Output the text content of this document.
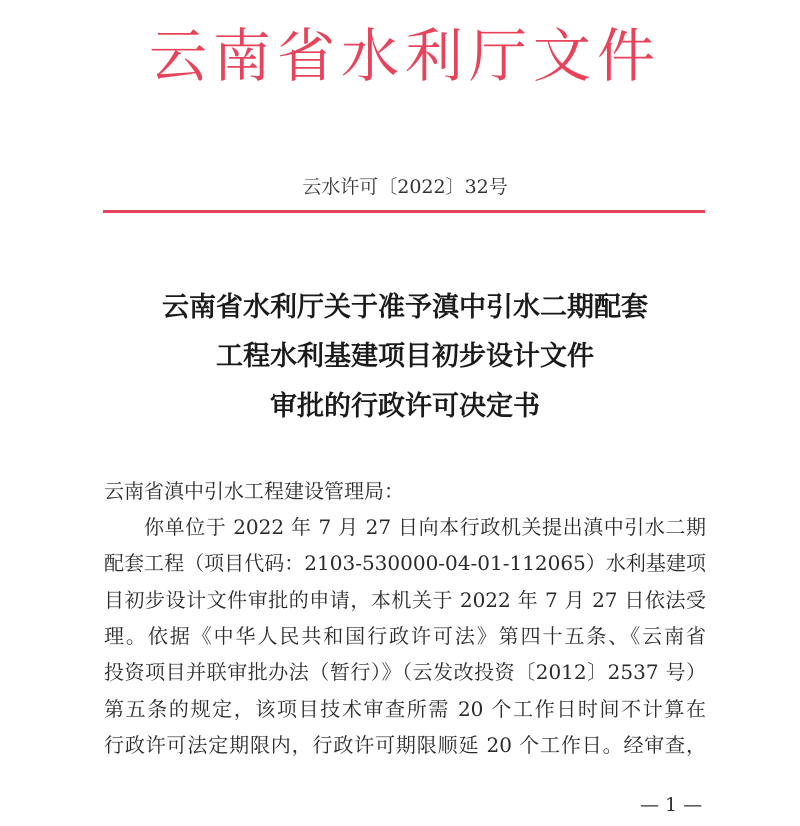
云南省水利厅文件
云水许可〔2022〕32号
云南省水利厅关于准予滇中引水二期配套
工程水利基建项目初步设计文件
审批的行政许可决定书
云南省滇中引水工程建设管理局：
你单位于 2022 年 7 月 27 日向本行政机关提出滇中引水二期
配套工程（项目代码：2103-530000-04-01-112065）水利基建项
目初步设计文件审批的申请，本机关于 2022 年 7 月 27 日依法受
理。依据《中华人民共和国行政许可法》第四十五条、《云南省
投资项目并联审批办法（暂行）》（云发改投资〔2012〕2537 号）
第五条的规定，该项目技术审查所需 20 个工作日时间不计算在
行政许可法定期限内，行政许可期限顺延 20 个工作日。经审查，
— 1 —
